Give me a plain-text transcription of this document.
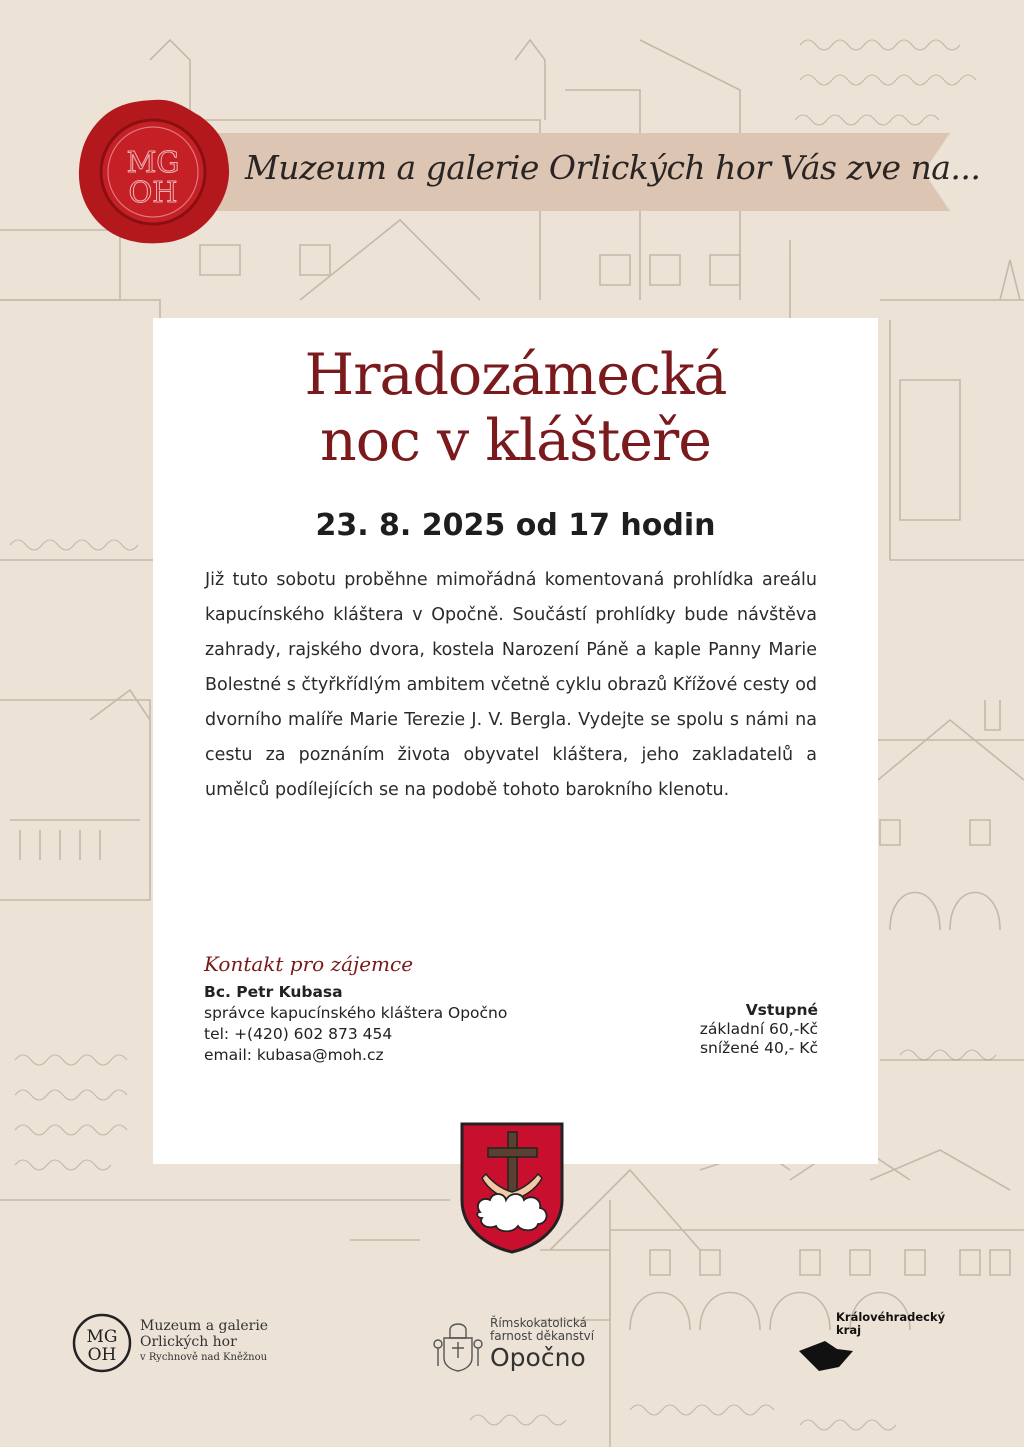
Muzeum a galerie Orlických hor Vás zve na...
MG
OH
Hradozámecká
noc v klášteře
23. 8. 2025 od 17 hodin
Již tuto sobotu proběhne mimořádná komentovaná prohlídka areálu kapucínského kláštera v Opočně. Součástí prohlídky bude návštěva zahrady, rajského dvora, kostela Narození Páně a kaple Panny Marie Bolestné s čtyřkřídlým ambitem včetně cyklu obrazů Křížové cesty od dvorního malíře Marie Terezie J. V. Bergla. Vydejte se spolu s námi na cestu za poznáním života obyvatel kláštera, jeho zakladatelů a umělců podílejících se na podobě tohoto barokního klenotu.
Kontakt pro zájemce
Bc. Petr Kubasa
správce kapucínského kláštera Opočno
tel: +(420) 602 873 454
email: kubasa@moh.cz
Vstupné
základní 60,-Kč
snížené 40,- Kč
MG
OH
Muzeum a galerie
Orlických hor
v Rychnově nad Kněžnou
Římskokatolická
farnost děkanství
Opočno
Královéhradecký
kraj
